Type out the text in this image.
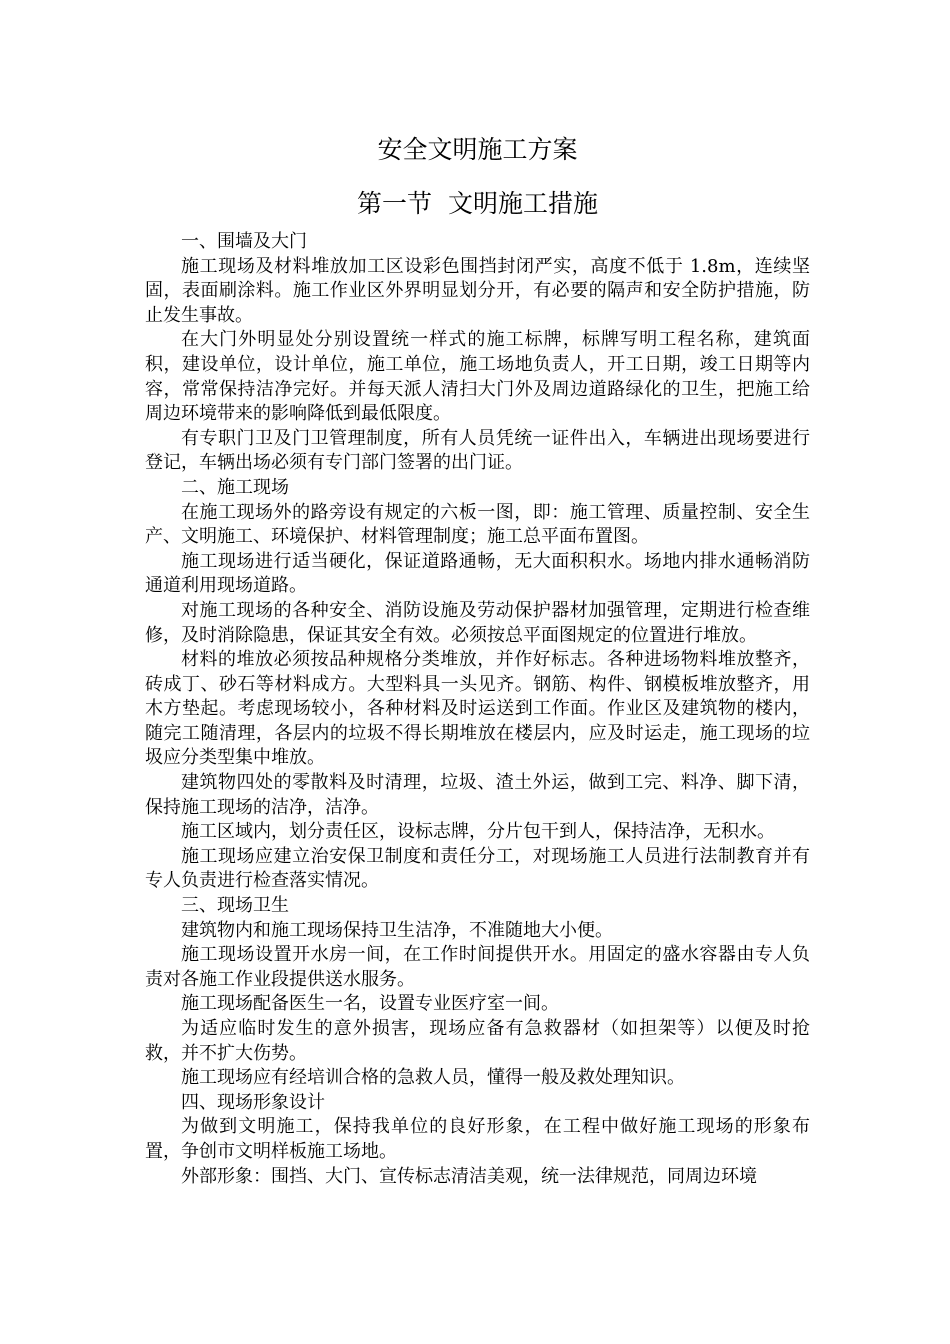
安全文明施工方案
第一节  文明施工措施

一、围墙及大门

施工现场及材料堆放加工区设彩色围挡封闭严实，高度不低于 1.8m，连续坚固，表面刷涂料。施工作业区外界明显划分开，有必要的隔声和安全防护措施，防止发生事故。

在大门外明显处分别设置统一样式的施工标牌，标牌写明工程名称，建筑面积，建设单位，设计单位，施工单位，施工场地负责人，开工日期，竣工日期等内容，常常保持洁净完好。并每天派人清扫大门外及周边道路绿化的卫生，把施工给周边环境带来的影响降低到最低限度。

有专职门卫及门卫管理制度，所有人员凭统一证件出入，车辆进出现场要进行登记，车辆出场必须有专门部门签署的出门证。

二、施工现场

在施工现场外的路旁设有规定的六板一图，即：施工管理、质量控制、安全生产、文明施工、环境保护、材料管理制度；施工总平面布置图。

施工现场进行适当硬化，保证道路通畅，无大面积积水。场地内排水通畅消防通道利用现场道路。

对施工现场的各种安全、消防设施及劳动保护器材加强管理，定期进行检查维修，及时消除隐患，保证其安全有效。必须按总平面图规定的位置进行堆放。

材料的堆放必须按品种规格分类堆放，并作好标志。各种进场物料堆放整齐，砖成丁、砂石等材料成方。大型料具一头见齐。钢筋、构件、钢模板堆放整齐，用木方垫起。考虑现场较小，各种材料及时运送到工作面。作业区及建筑物的楼内，随完工随清理，各层内的垃圾不得长期堆放在楼层内，应及时运走，施工现场的垃圾应分类型集中堆放。

建筑物四处的零散料及时清理，垃圾、渣土外运，做到工完、料净、脚下清，保持施工现场的洁净，洁净。

施工区域内，划分责任区，设标志牌，分片包干到人，保持洁净，无积水。

施工现场应建立治安保卫制度和责任分工，对现场施工人员进行法制教育并有专人负责进行检查落实情况。

三、现场卫生

建筑物内和施工现场保持卫生洁净，不准随地大小便。

施工现场设置开水房一间，在工作时间提供开水。用固定的盛水容器由专人负责对各施工作业段提供送水服务。

施工现场配备医生一名，设置专业医疗室一间。

为适应临时发生的意外损害，现场应备有急救器材（如担架等）以便及时抢救，并不扩大伤势。

施工现场应有经培训合格的急救人员，懂得一般及救处理知识。

四、现场形象设计

为做到文明施工，保持我单位的良好形象，在工程中做好施工现场的形象布置，争创市文明样板施工场地。

外部形象：围挡、大门、宣传标志清洁美观，统一法律规范，同周边环境
